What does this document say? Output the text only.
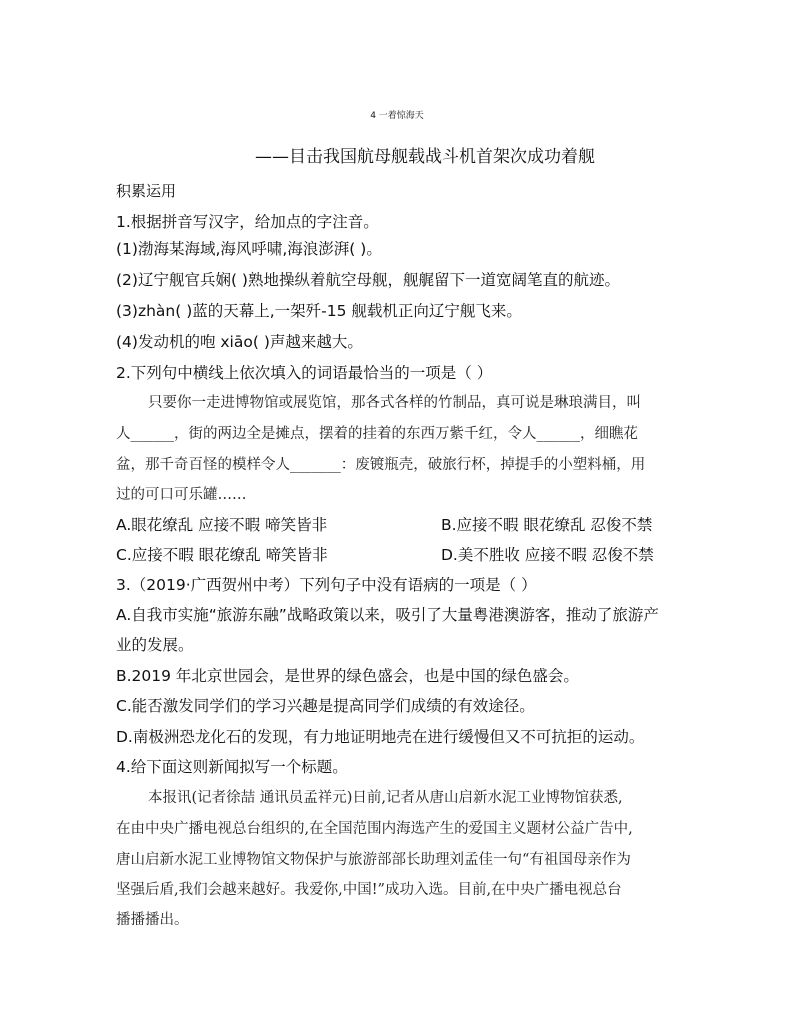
4 一着惊海天
——目击我国航母舰载战斗机首架次成功着舰
积累运用
1.根据拼音写汉字，给加点的字注音。
(1)渤海某海域,海风呼啸,海浪澎湃( )。
(2)辽宁舰官兵娴( )熟地操纵着航空母舰，舰艉留下一道宽阔笔直的航迹。
(3)zhàn( )蓝的天幕上,一架歼-15 舰载机正向辽宁舰飞来。
(4)发动机的咆 xiāo( )声越来越大。
2.下列句中横线上依次填入的词语最恰当的一项是（ ）
只要你一走进博物馆或展览馆，那各式各样的竹制品，真可说是琳琅满目，叫
人______，街的两边全是摊点，摆着的挂着的东西万紫千红，令人______，细瞧花
盆，那千奇百怪的模样令人_______：废镀瓶壳，破旅行杯，掉提手的小塑料桶，用
过的可口可乐罐……
A.眼花缭乱 应接不暇 啼笑皆非	B.应接不暇 眼花缭乱 忍俊不禁
C.应接不暇 眼花缭乱 啼笑皆非	D.美不胜收 应接不暇 忍俊不禁
3.（2019·广西贺州中考）下列句子中没有语病的一项是（ ）
A.自我市实施“旅游东融”战略政策以来，吸引了大量粤港澳游客，推动了旅游产
业的发展。
B.2019 年北京世园会，是世界的绿色盛会，也是中国的绿色盛会。
C.能否激发同学们的学习兴趣是提高同学们成绩的有效途径。
D.南极洲恐龙化石的发现，有力地证明地壳在进行缓慢但又不可抗拒的运动。
4.给下面这则新闻拟写一个标题。
本报讯(记者徐喆 通讯员孟祥元)日前,记者从唐山启新水泥工业博物馆获悉,
在由中央广播电视总台组织的,在全国范围内海选产生的爱国主义题材公益广告中,
唐山启新水泥工业博物馆文物保护与旅游部部长助理刘孟佳一句“有祖国母亲作为
坚强后盾,我们会越来越好。我爱你,中国!”成功入选。目前,在中央广播电视总台
播播播出。
